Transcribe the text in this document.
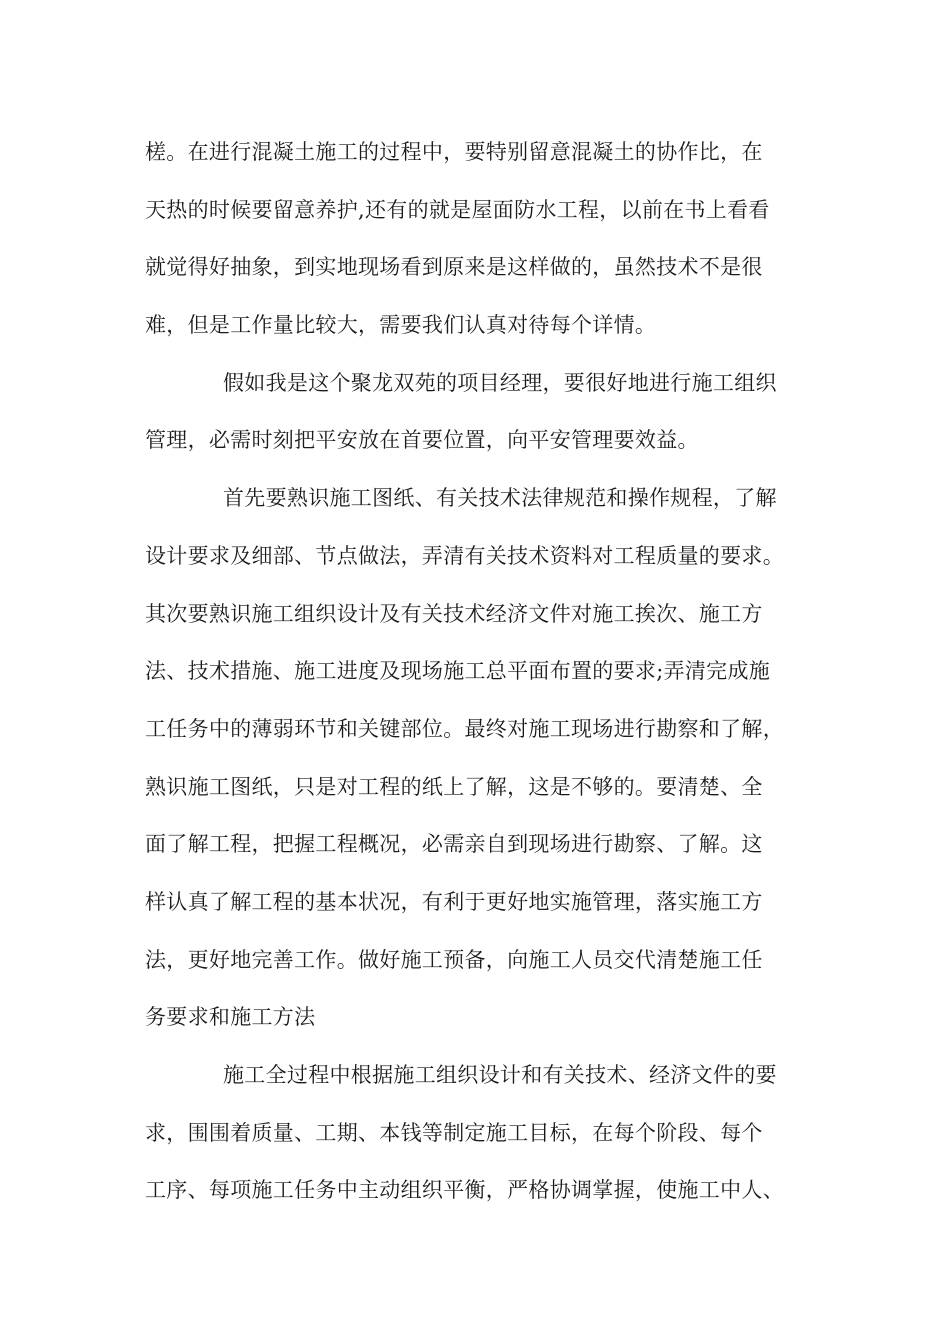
槎。在进行混凝土施工的过程中，要特别留意混凝土的协作比，在
天热的时候要留意养护,还有的就是屋面防水工程，以前在书上看看
就觉得好抽象，到实地现场看到原来是这样做的，虽然技术不是很
难，但是工作量比较大，需要我们认真对待每个详情。
假如我是这个聚龙双苑的项目经理，要很好地进行施工组织
管理，必需时刻把平安放在首要位置，向平安管理要效益。
首先要熟识施工图纸、有关技术法律规范和操作规程，了解
设计要求及细部、节点做法，弄清有关技术资料对工程质量的要求。
其次要熟识施工组织设计及有关技术经济文件对施工挨次、施工方
法、技术措施、施工进度及现场施工总平面布置的要求;弄清完成施
工任务中的薄弱环节和关键部位。最终对施工现场进行勘察和了解，
熟识施工图纸，只是对工程的纸上了解，这是不够的。要清楚、全
面了解工程，把握工程概况，必需亲自到现场进行勘察、了解。这
样认真了解工程的基本状况，有利于更好地实施管理，落实施工方
法，更好地完善工作。做好施工预备，向施工人员交代清楚施工任
务要求和施工方法
施工全过程中根据施工组织设计和有关技术、经济文件的要
求，围围着质量、工期、本钱等制定施工目标，在每个阶段、每个
工序、每项施工任务中主动组织平衡，严格协调掌握，使施工中人、
